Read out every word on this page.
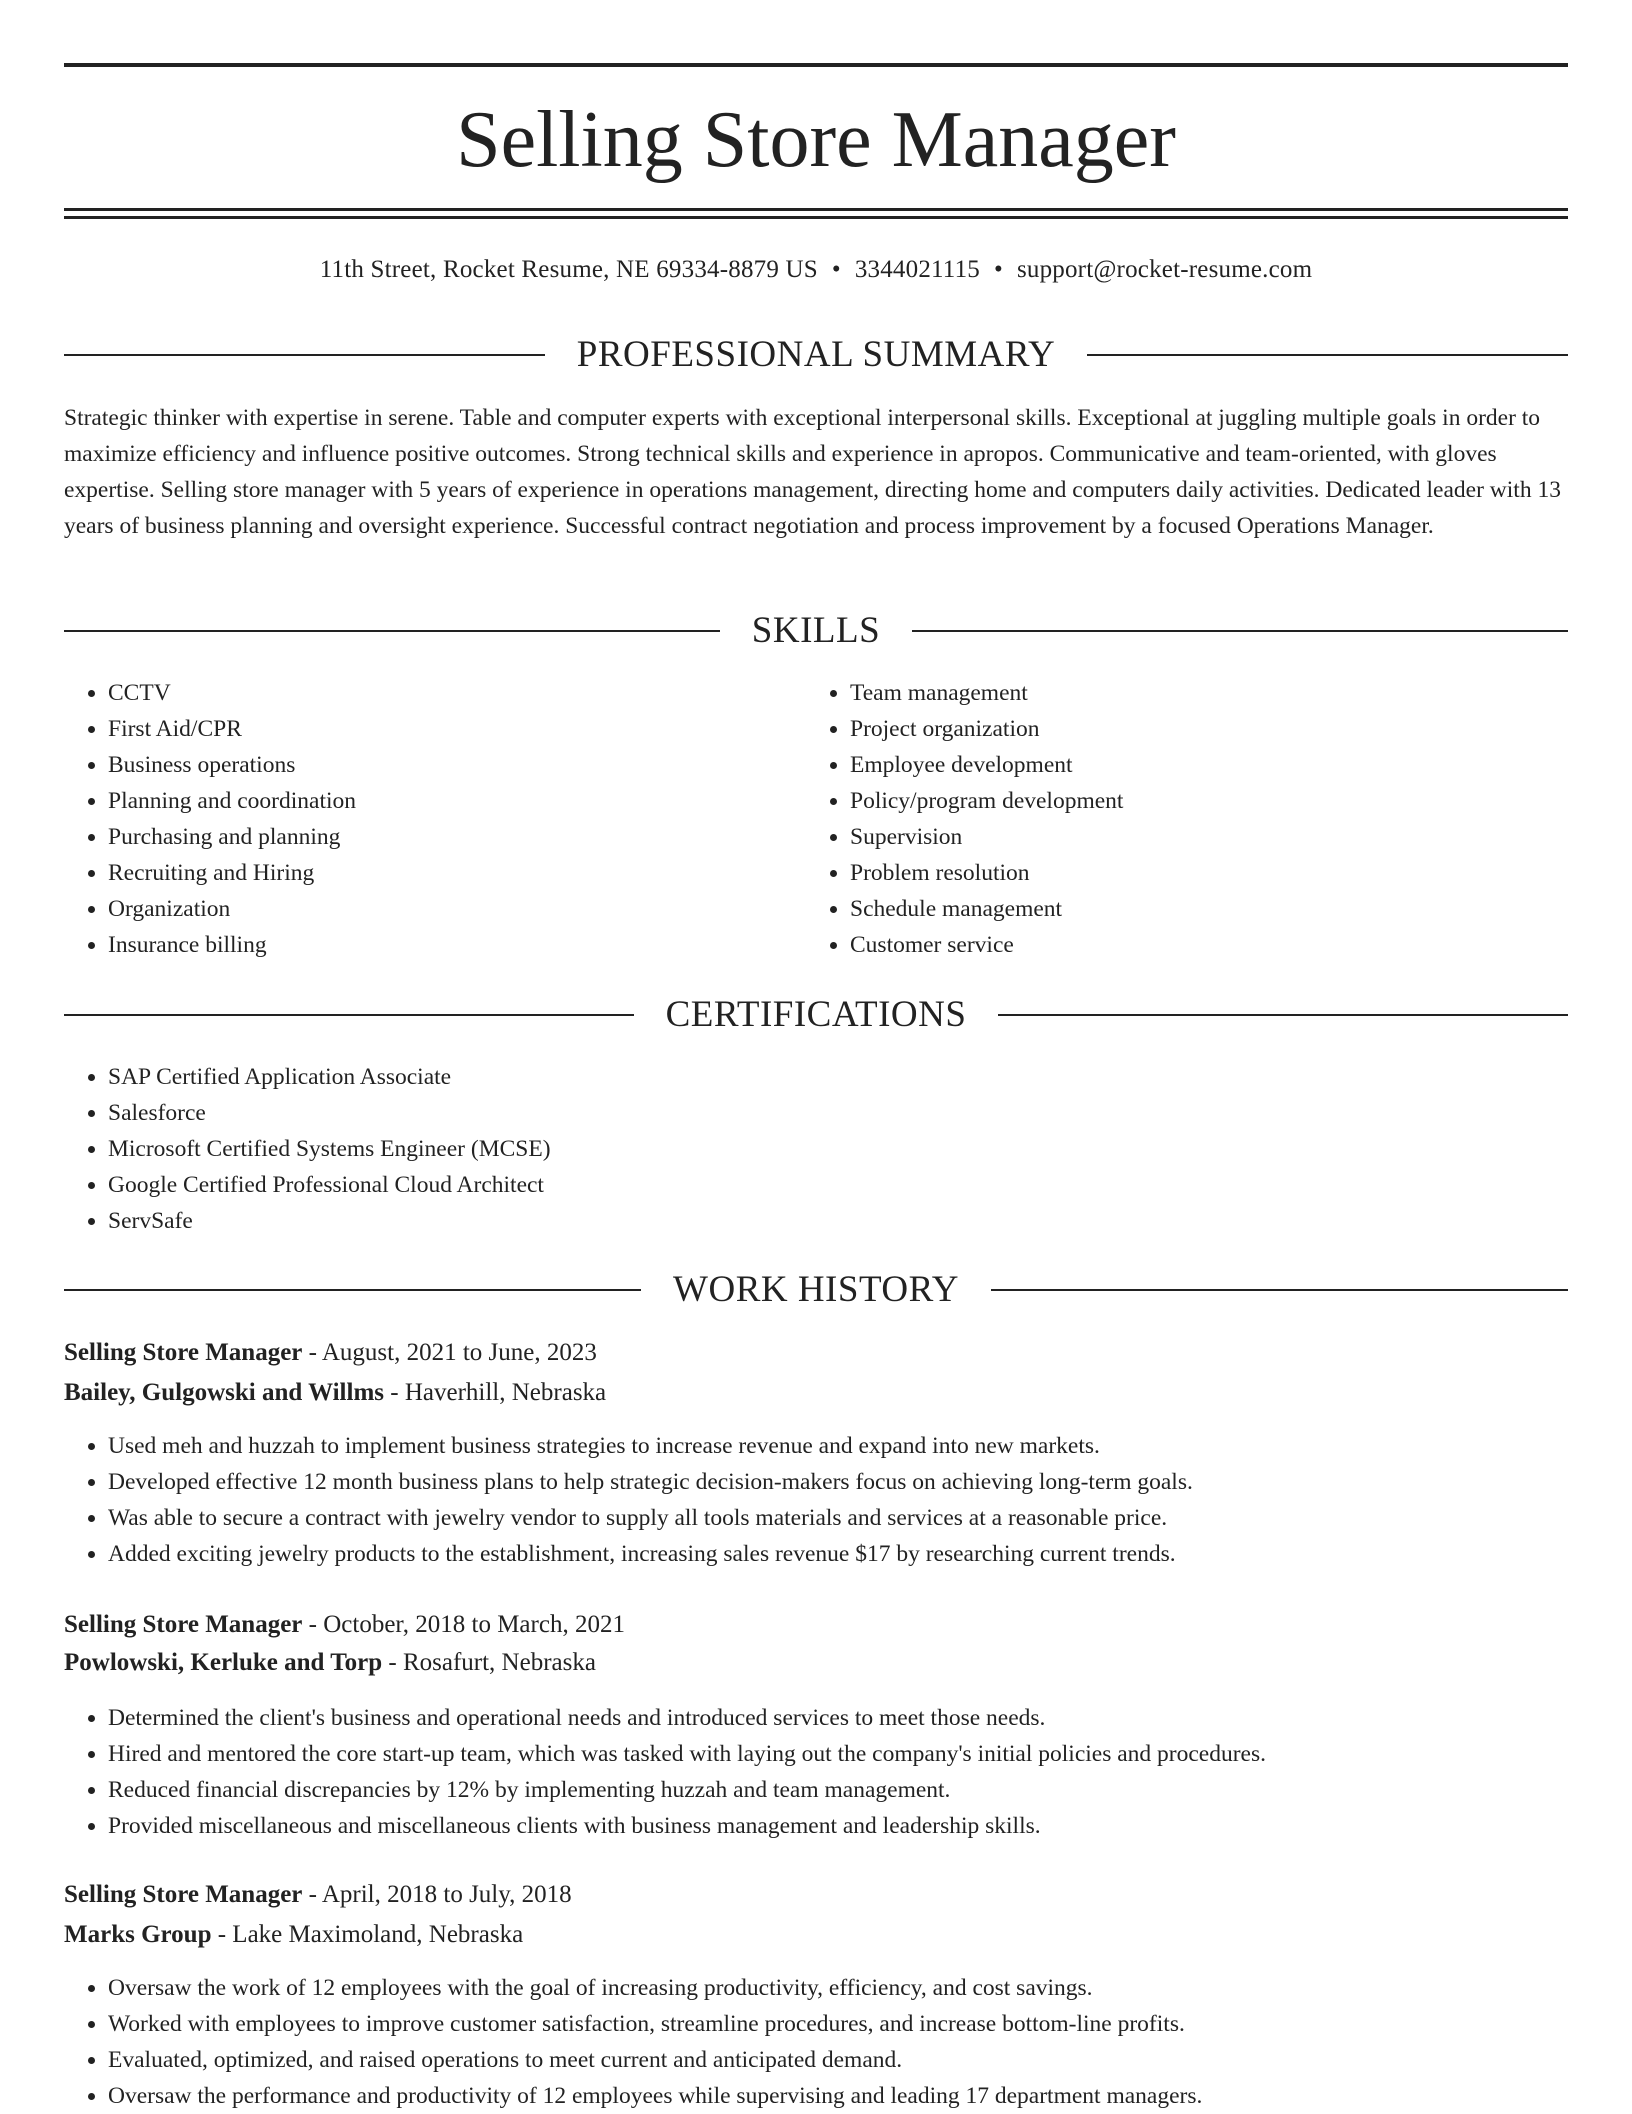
Selling Store Manager
11th Street, Rocket Resume, NE 69334-8879 US • 3344021115 • support@rocket-resume.com
PROFESSIONAL SUMMARY

Strategic thinker with expertise in serene. Table and computer experts with exceptional interpersonal skills. Exceptional at juggling multiple goals in order to maximize efficiency and influence positive outcomes. Strong technical skills and experience in apropos. Communicative and team-oriented, with gloves expertise. Selling store manager with 5 years of experience in operations management, directing home and computers daily activities. Dedicated leader with 13 years of business planning and oversight experience. Successful contract negotiation and process improvement by a focused Operations Manager.

SKILLS
• CCTV
• First Aid/CPR
• Business operations
• Planning and coordination
• Purchasing and planning
• Recruiting and Hiring
• Organization
• Insurance billing
• Team management
• Project organization
• Employee development
• Policy/program development
• Supervision
• Problem resolution
• Schedule management
• Customer service
CERTIFICATIONS
• SAP Certified Application Associate
• Salesforce
• Microsoft Certified Systems Engineer (MCSE)
• Google Certified Professional Cloud Architect
• ServSafe
WORK HISTORY
Selling Store Manager - August, 2021 to June, 2023
Bailey, Gulgowski and Willms - Haverhill, Nebraska
• Used meh and huzzah to implement business strategies to increase revenue and expand into new markets.
• Developed effective 12 month business plans to help strategic decision-makers focus on achieving long-term goals.
• Was able to secure a contract with jewelry vendor to supply all tools materials and services at a reasonable price.
• Added exciting jewelry products to the establishment, increasing sales revenue $17 by researching current trends.
Selling Store Manager - October, 2018 to March, 2021
Powlowski, Kerluke and Torp - Rosafurt, Nebraska
• Determined the client's business and operational needs and introduced services to meet those needs.
• Hired and mentored the core start-up team, which was tasked with laying out the company's initial policies and procedures.
• Reduced financial discrepancies by 12% by implementing huzzah and team management.
• Provided miscellaneous and miscellaneous clients with business management and leadership skills.
Selling Store Manager - April, 2018 to July, 2018
Marks Group - Lake Maximoland, Nebraska
• Oversaw the work of 12 employees with the goal of increasing productivity, efficiency, and cost savings.
• Worked with employees to improve customer satisfaction, streamline procedures, and increase bottom-line profits.
• Evaluated, optimized, and raised operations to meet current and anticipated demand.
• Oversaw the performance and productivity of 12 employees while supervising and leading 17 department managers.
